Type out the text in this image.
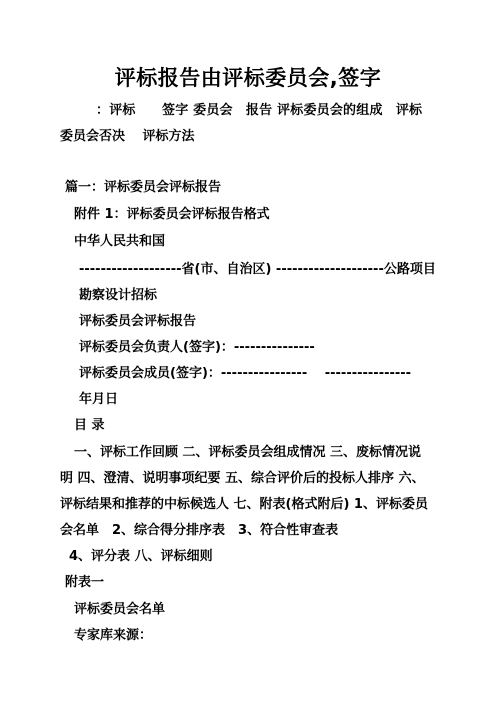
评标报告由评标委员会,签字
：评标　　签字 委员会　报告 评标委员会的组成　评标
委员会否决　 评标方法
篇一：评标委员会评标报告
附件 1：评标委员会评标报告格式
中华人民共和国
-------------------省(市、自治区) --------------------公 路 项 目
勘察设计招标
评标委员会评标报告
评标委员会负责人(签字)：---------------
评标委员会成员(签字)：----------------　 ----------------
年月日
目 录
一、评标工作回顾 二、评标委员会组成情况 三、废标情况说
明 四、澄清、说明事项纪要 五、综合评价后的投标人排序 六、
评标结果和推荐的中标候选人 七、附表(格式附后) 1、评标委员
会名单　2、综合得分排序表　3、符合性审查表
4、评分表 八、评标细则
附表一
评标委员会名单
专家库来源：
